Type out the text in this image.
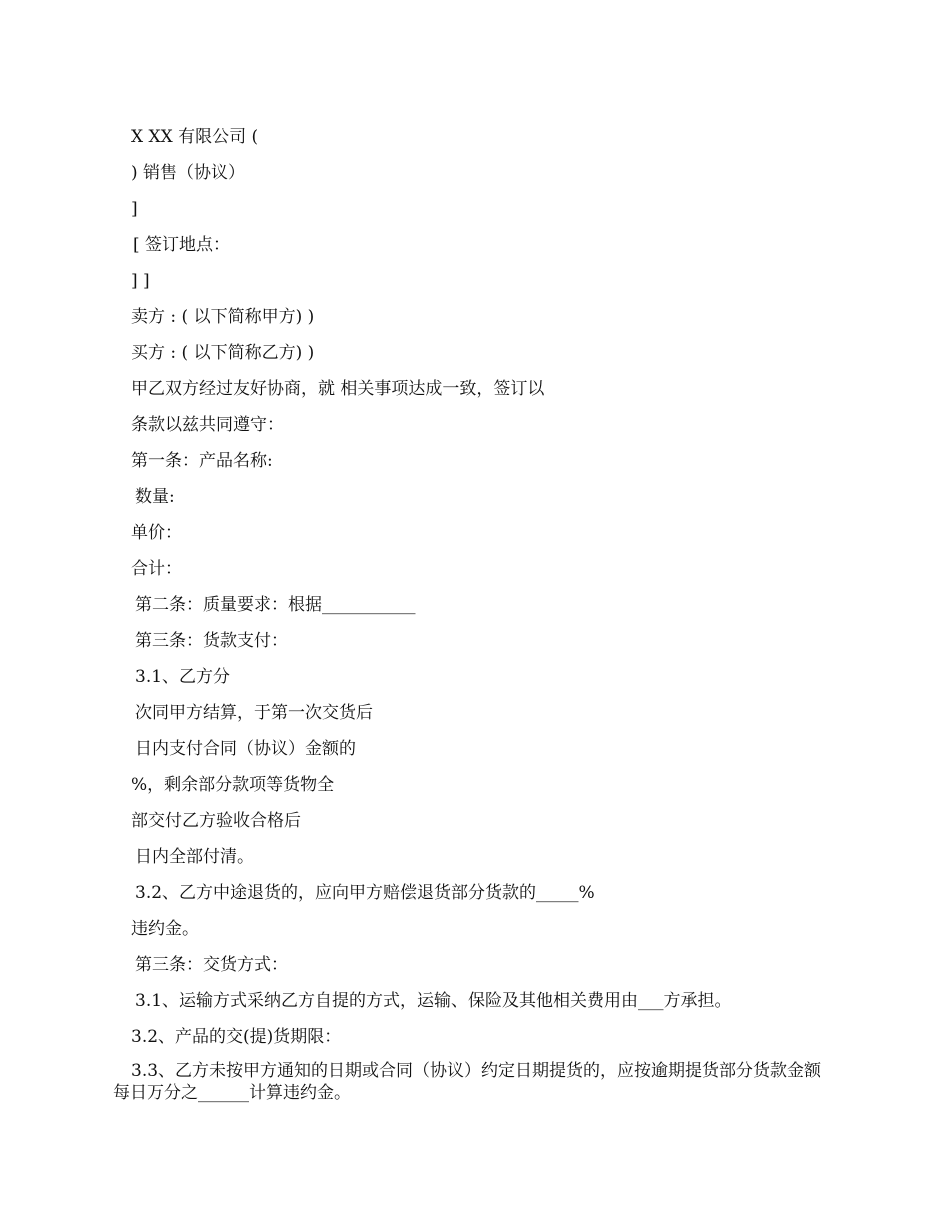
X XX 有限公司 (
) 销售（协议）
]
[ 签订地点：
] ]
卖方 : ( 以下简称甲方) )
买方 : ( 以下简称乙方) )
甲乙双方经过友好协商，就 相关事项达成一致，签订以
条款以兹共同遵守：
第一条：产品名称:
数量:
单价：
合计：
第二条：质量要求：根据___________
第三条：货款支付：
3.1、乙方分
次同甲方结算，于第一次交货后
日内支付合同（协议）金额的
%，剩余部分款项等货物全
部交付乙方验收合格后
日内全部付清。
3.2、乙方中途退货的，应向甲方赔偿退货部分货款的_____%
违约金。
第三条：交货方式：
3.1、运输方式采纳乙方自提的方式，运输、保险及其他相关费用由___方承担。
3.2、产品的交(提)货期限：
3.3、乙方未按甲方通知的日期或合同（协议）约定日期提货的，应按逾期提货部分货款金额每日万分之______计算违约金。
